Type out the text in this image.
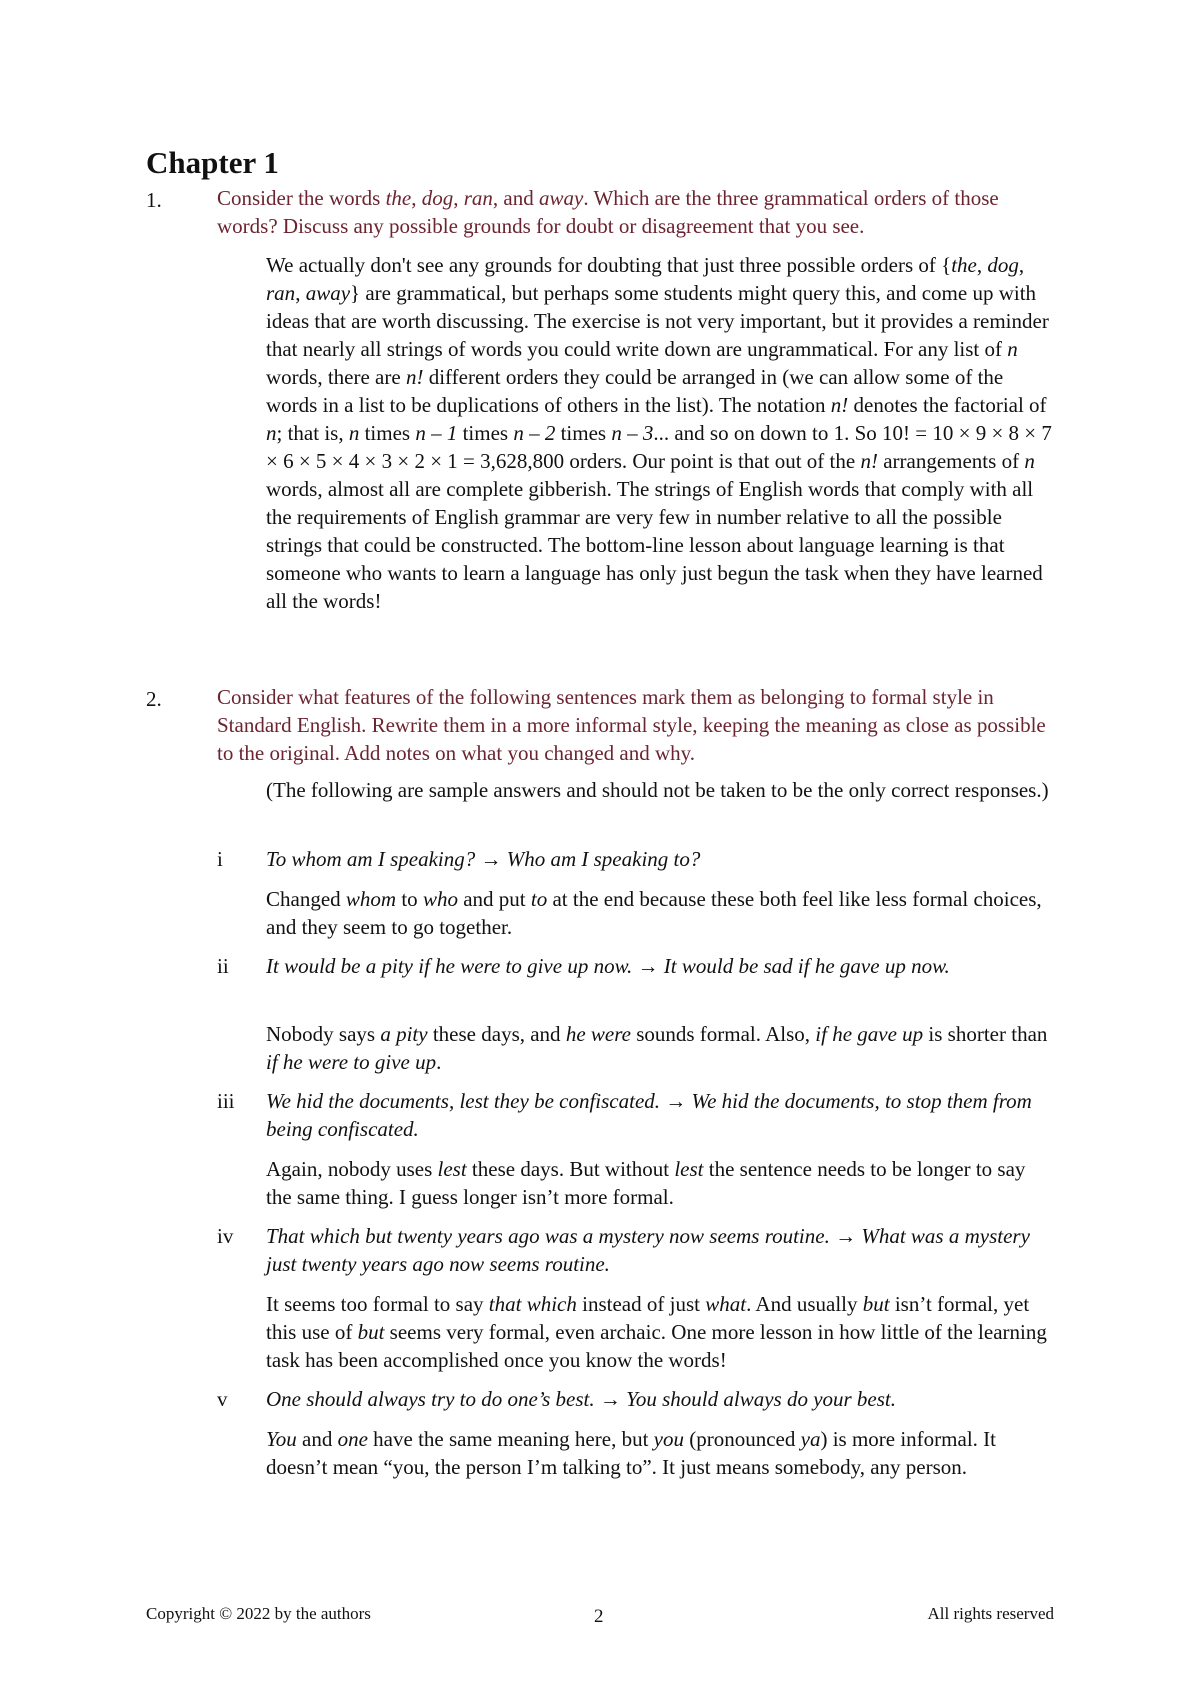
Chapter 1
1.	Consider the words the, dog, ran, and away. Which are the three grammatical orders of those words? Discuss any possible grounds for doubt or disagreement that you see.
We actually don't see any grounds for doubting that just three possible orders of {the, dog, ran, away} are grammatical, but perhaps some students might query this, and come up with ideas that are worth discussing. The exercise is not very important, but it provides a reminder that nearly all strings of words you could write down are ungrammatical. For any list of n words, there are n! different orders they could be arranged in (we can allow some of the words in a list to be duplications of others in the list). The notation n! denotes the factorial of n; that is, n times n – 1 times n – 2 times n – 3... and so on down to 1. So 10! = 10 × 9 × 8 × 7 × 6 × 5 × 4 × 3 × 2 × 1 = 3,628,800 orders. Our point is that out of the n! arrangements of n words, almost all are complete gibberish. The strings of English words that comply with all the requirements of English grammar are very few in number relative to all the possible strings that could be constructed. The bottom-line lesson about language learning is that someone who wants to learn a language has only just begun the task when they have learned all the words!
2.	Consider what features of the following sentences mark them as belonging to formal style in Standard English. Rewrite them in a more informal style, keeping the meaning as close as possible to the original. Add notes on what you changed and why.
(The following are sample answers and should not be taken to be the only correct responses.)
i To whom am I speaking? → Who am I speaking to?
Changed whom to who and put to at the end because these both feel like less formal choices, and they seem to go together.
ii It would be a pity if he were to give up now. → It would be sad if he gave up now.
Nobody says a pity these days, and he were sounds formal. Also, if he gave up is shorter than if he were to give up.
iii We hid the documents, lest they be confiscated. → We hid the documents, to stop them from being confiscated.
Again, nobody uses lest these days. But without lest the sentence needs to be longer to say the same thing. I guess longer isn’t more formal.
iv That which but twenty years ago was a mystery now seems routine. → What was a mystery just twenty years ago now seems routine.
It seems too formal to say that which instead of just what. And usually but isn’t formal, yet this use of but seems very formal, even archaic. One more lesson in how little of the learning task has been accomplished once you know the words!
v One should always try to do one’s best. → You should always do your best.
You and one have the same meaning here, but you (pronounced ya) is more informal. It doesn’t mean “you, the person I’m talking to”. It just means somebody, any person.
Copyright © 2022 by the authors	2	All rights reserved
